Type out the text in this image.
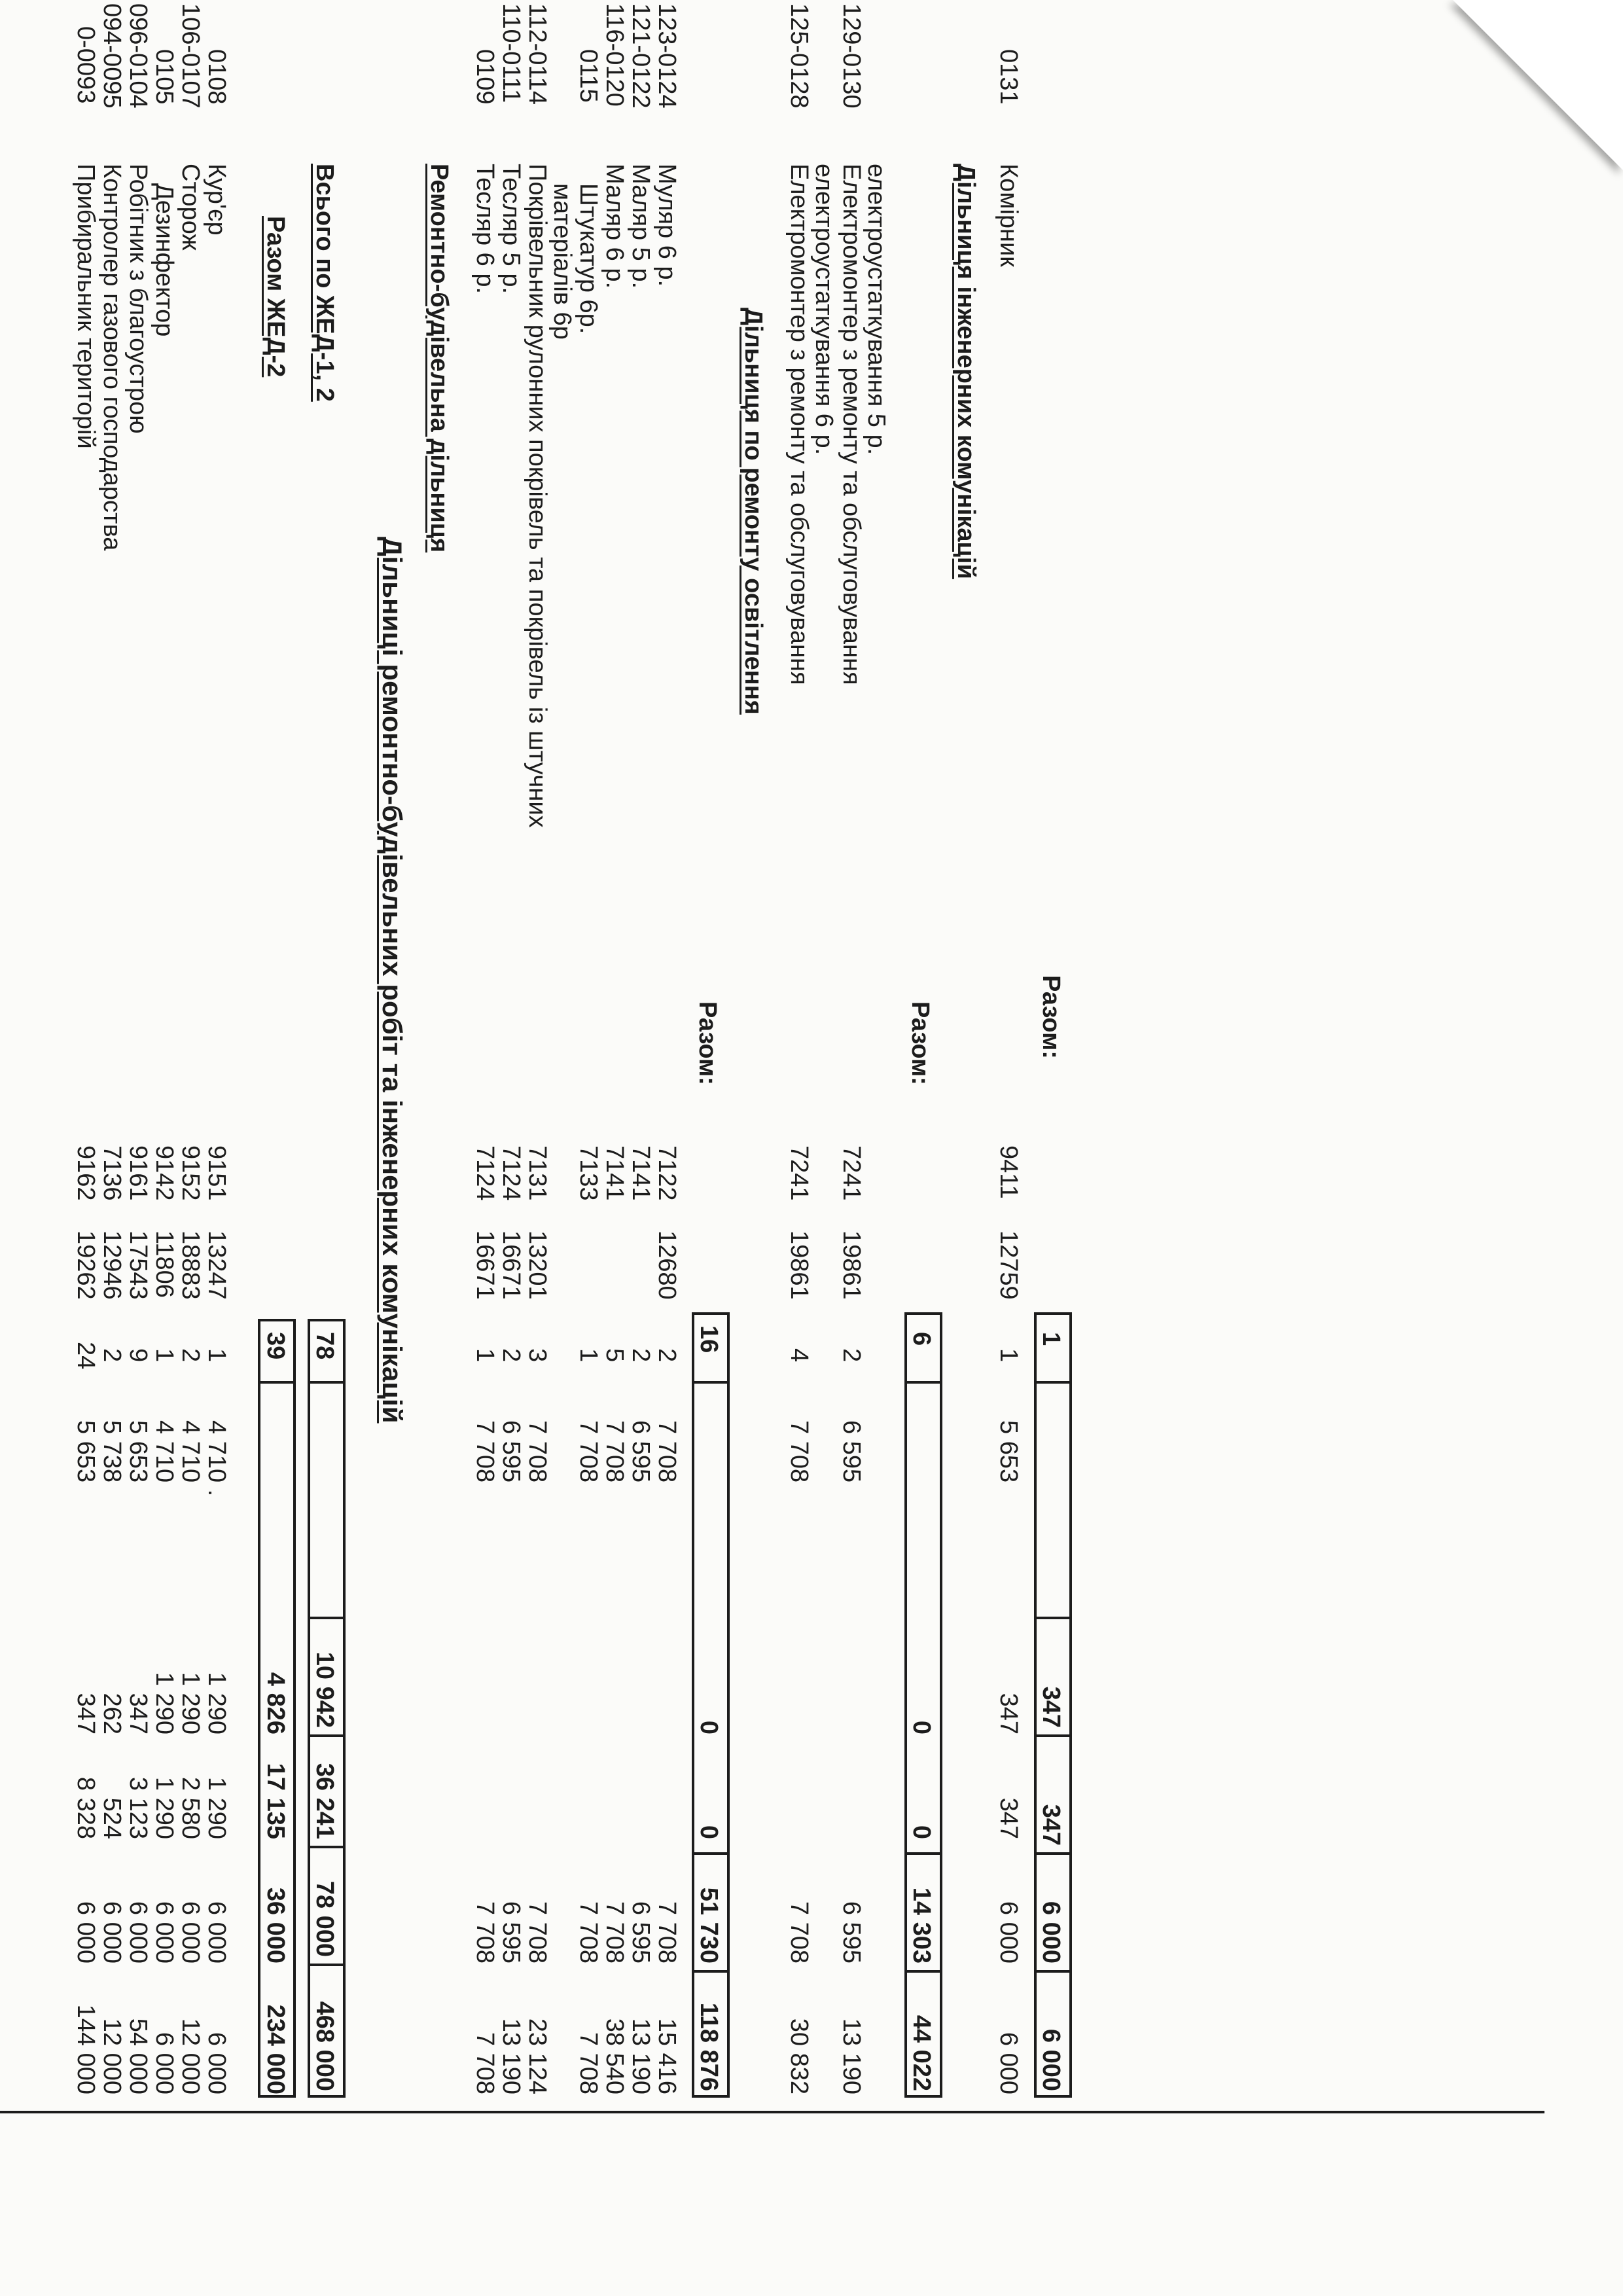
0-0093
Прибиральник територій
9162
19262
24
5 653
347
8 328
6 000
144 000
094-0095
Контролер газового господарства
7136
12946
2
5 738
262
524
6 000
12 000
096-0104
Робітник з благоустрою
9161
17543
9
5 653
347
3 123
6 000
54 000
0105
Дезинфектор
9142
11806
1
4 710
1 290
1 290
6 000
6 000
106-0107
Сторож
9152
18883
2
4 710
1 290
2 580
6 000
12 000
0108
Кур'єр
9151
13247
1
4 710 .
1 290
1 290
6 000
6 000
Разом ЖЕД-2
39
4 826
17 135
36 000
234 000
Всього по ЖЕД-1, 2
78
10 942
36 241
78 000
468 000
Дільниці ремонтно-будівельних робіт та інженерних комунікацій
Ремонтно-будівельна дільниця
0109
Тесляр 6 р.
7124
16671
1
7 708
7 708
7 708
110-0111
Тесляр 5 р.
7124
16671
2
6 595
6 595
13 190
112-0114
Покрівельник рулонних покрівель та покрівель із штучних
матеріалів 6р
7131
13201
3
7 708
7 708
23 124
0115
Штукатур 6р.
7133
1
7 708
7 708
7 708
116-0120
Маляр 6 р.
7141
5
7 708
7 708
38 540
121-0122
Маляр 5 р.
7141
2
6 595
6 595
13 190
123-0124
Муляр 6 р.
7122
12680
2
7 708
7 708
15 416
Разом:
16
0
0
51 730
118 876
Дільниця по ремонту освітлення
125-0128
Електромонтер з ремонту та обслуговування
електроустаткування 6 р.
7241
19861
4
7 708
7 708
30 832
129-0130
Електромонтер з ремонту та обслуговування
електроустаткування 5 р.
7241
19861
2
6 595
6 595
13 190
Разом:
6
0
0
14 303
44 022
Дільниця інженерних комунікацій
0131
Комірник
9411
12759
1
5 653
347
347
6 000
6 000
Разом:
1
347
347
6 000
6 000
